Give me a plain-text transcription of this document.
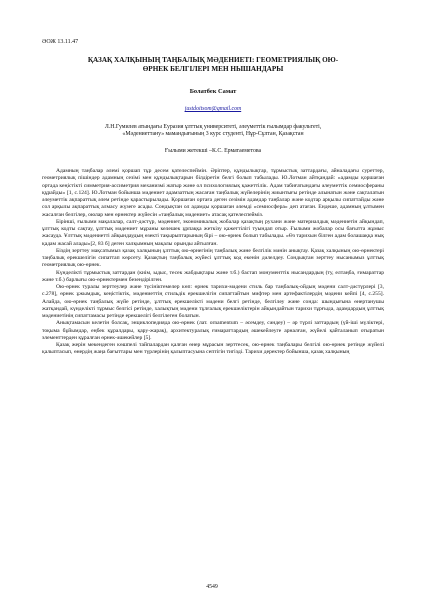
ӘОЖ 13.11.47
ҚАЗАҚ ХАЛҚЫНЫҢ ТАҢБАЛЫҚ МӘДЕНИЕТІ: ГЕОМЕТРИЯЛЫҚ ОЮ-
ӨРНЕК БЕЛГІЛЕРІ МЕН НЫШАНДАРЫ
Болатбек Самат
justdoitsom@gmail.com
Л.Н.Гумилев атындағы Еуразия ұлттық университеті, әлеуметтік ғылымдар факультеті,
«Мәдениеттану» мамандығының 3 курс студенті, Нұр-Сұлтан, Қазақстан
Ғылыми жетекші –К.С. Ерматаеметова

Адамның таңбалар әлемі қоршап тұр десем қателеспеймін. Әріптер, құндылықтар, тұрмыстық заттардағы, айналадағы суреттер, геометриялық пішіндер адамның сезімі мен құндылықтарын білдіретін белгі болып табылады. Ю.Лотман айтқандай: «адамды қоршаған ортада кеңістікті симметрия-ассиметрия механизмі жатыр және ол психологиялық қажеттілік. Адам табиғатындағы әлеуметтік семиосфераны құрайды» [1, с.124]. Ю.Лотман бойынша мәдениет адамзаттың жасаған таңбалық жүйелерінің жиынтығы ретінде алынатын және сақталатын әлеуметтік ақпараттық әлем ретінде қарастырылады. Қоршаған ортаға деген сезімін адамдар таңбалар және кодтар арқылы сипаттайды және сол арқылы ақпараттық алмасу жүзеге асады. Сондықтан ол адамды қоршаған әлемді «семиосфера» деп атаған. Ендеше, адамның ұлтымен жасалған белгілер, оюлар мен өрнектер жүйесін «таңбалық мәдениет» атасақ қателеспейміз.

Бірінші, ғылыми мақалалар, салт-дәстүр, мәдениет, экономикалық жобалар қазақтың рухани және материалдық мәдениетін айқындап, ұлттық кодты сақтау, ұлттық мәдениет мұраны келешек ұрпаққа жеткізу қажеттілігі туындап отыр. Ғылыми жобалар осы бағытта жұмыс жасауда. Ұлттық мәдениетті айқындаудың өзекті тақырыптарының бірі – ою-өрнек болып табылады. «Өз тарихын білген адам болашаққа нық қадам жасай алады»[2, 83 б] деген халқымның мақалы орынды айтылған.

Біздің зерттеу мақсатымыз қазақ халқының ұлттық ою-өрнегінің таңбалық және белгілік мәнін анықтау. Қазақ халқының ою-өрнектері таңбалық ерекшелігін сипаттап көрсету. Қазақтың таңбалық жүйесі ұлттық код екенін дәлелдеу. Сондықтан зерттеу нысанымыз ұлттық геометриялық ою-өрнек.

Күнделікті тұрмыстық заттардан (киім, ыдыс, тесек жабдықтары және т.б.) бастап монументтік нысандардың (ту, елтаңба, ғимараттар және т.б.) барлығы ою-өрнектермен безендірілген.

Ою-өрнек туралы зерттеулер және түсініктемелер көп: өрнек тарихи-мәдени стиль бар таңбалық-ойдың мәдени салт-дәстүрлері [3, с.278], өрнек ұжымдық, кеңістіктік, мәдениеттің стильдік ерекшелігін сипаттайтын мифтер мен артефактілердің мәдени кейпі [4, с.255]. Алайда, ою-өрнек таңбалық жүйе ретінде, ұлттық ерекшелікті мәдени белгі ретінде, белгілеу және сонда: шындығына өнертанушы жатқандай, күнделікті тұрмыс белгісі ретінде, халықтың мәдени тұлғалық ерекшеліктерін айқындайтын тарихи тұрғыда, адамдардың ұлттық мәдениетінің сипаттамасы ретінде ерекшелігі белгілеген болатын.

Анықтамасын келетін болсақ, энциклопедияда ою-өрнек (лат. ornamentum – әсемдеу, сәндеу) – әр түрлі заттардың (үй-ішi мүліктері, тоқыма бұйымдар, еңбек құралдары, қару-жарақ), архитектуралық ғимараттардың әшекейлеуге арналған, жүйелі қайталанып отыратын элементтерден құралған өрнек-әшекейлер [5].

Қазақ жерін мекендеген көшпелі тайпалардан қалған өнер мұрасын зерттесек, ою-өрнек таңбалары белгілі ою-өрнек ретінде жүйелі қалыптасып, өнердің жаңа бағыттары мен түрлерінің қалыптасуына септігін тигізді. Тарихи деректер бойынша, қазақ халқының

4549
